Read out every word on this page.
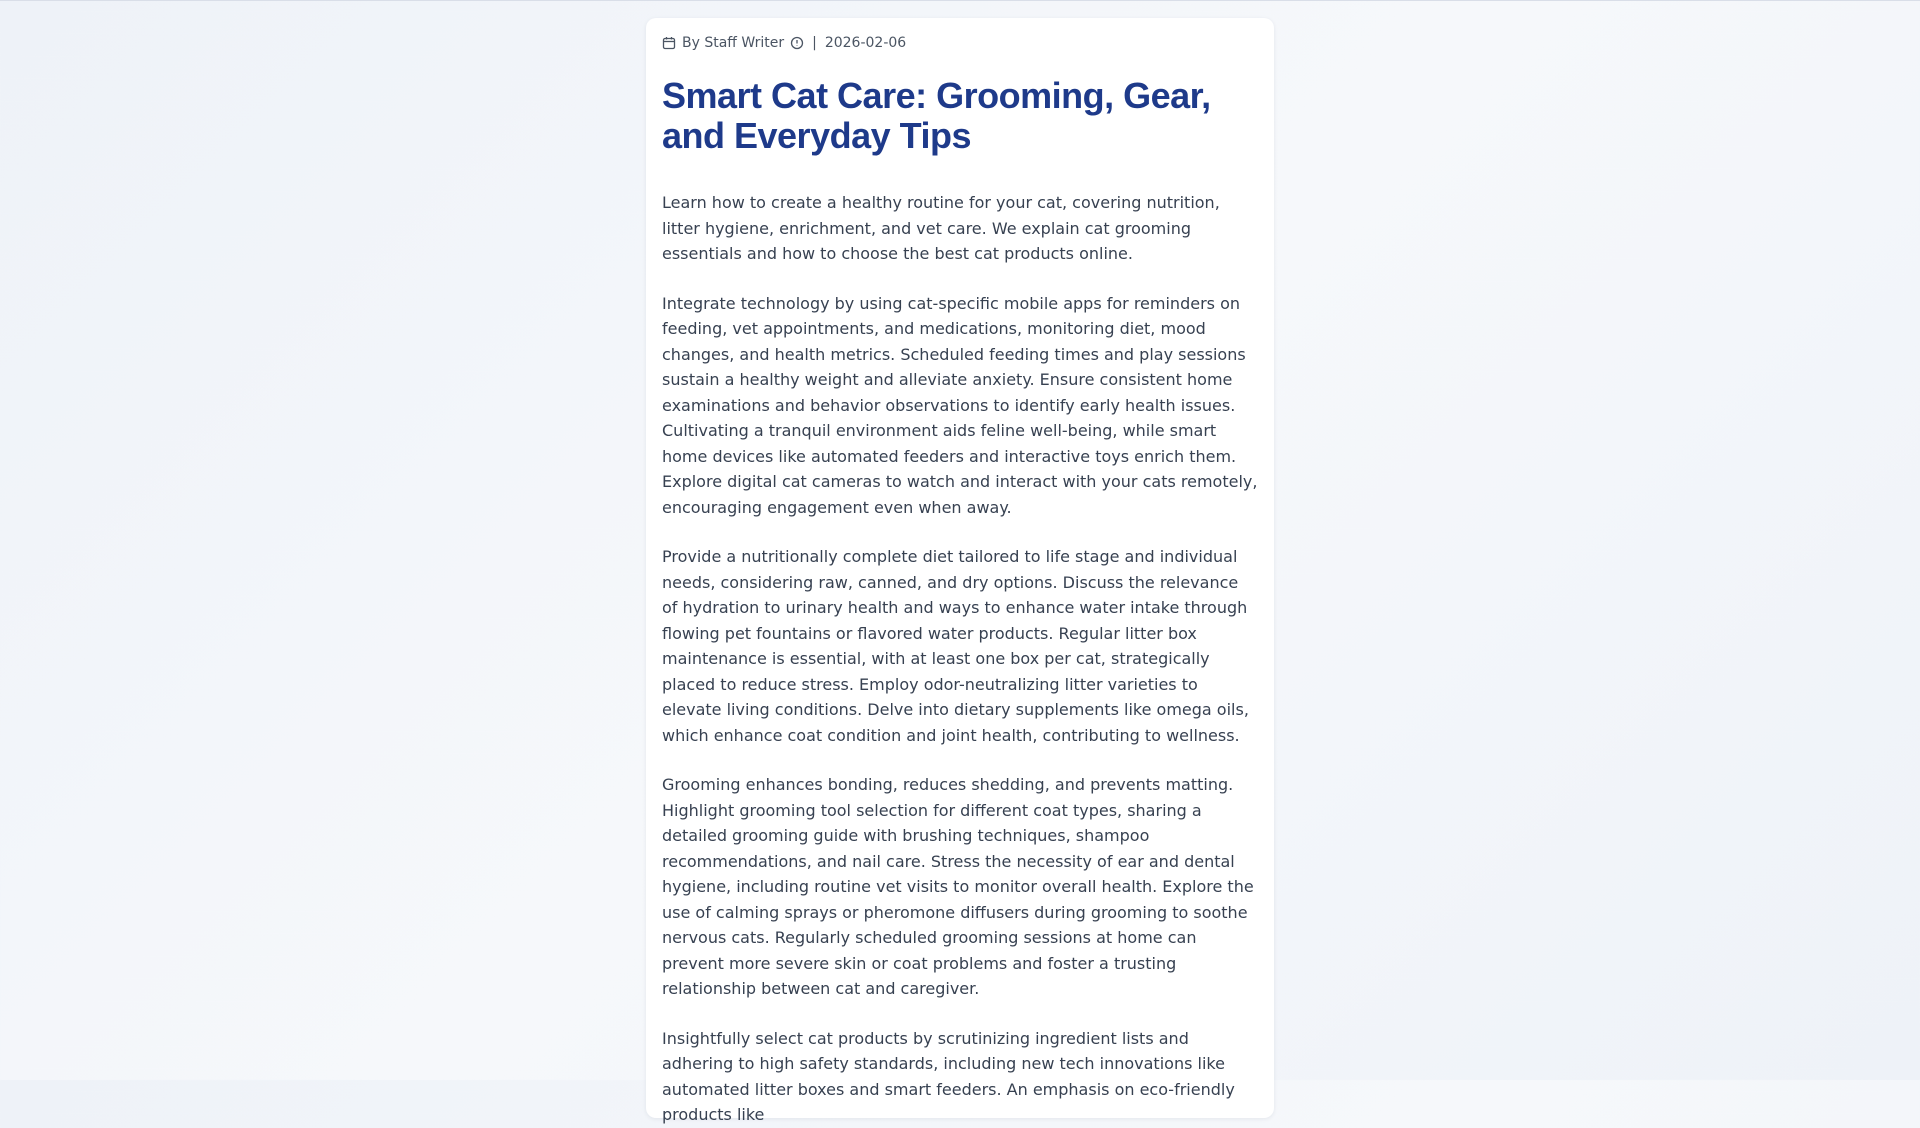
By Staff Writer | 2026-02-06
Smart Cat Care: Grooming, Gear, and Everyday Tips

Learn how to create a healthy routine for your cat, covering nutrition, litter hygiene, enrichment, and vet care. We explain cat grooming essentials and how to choose the best cat products online.

Integrate technology by using cat-specific mobile apps for reminders on feeding, vet appointments, and medications, monitoring diet, mood changes, and health metrics. Scheduled feeding times and play sessions sustain a healthy weight and alleviate anxiety. Ensure consistent home examinations and behavior observations to identify early health issues. Cultivating a tranquil environment aids feline well-being, while smart home devices like automated feeders and interactive toys enrich them. Explore digital cat cameras to watch and interact with your cats remotely, encouraging engagement even when away.

Provide a nutritionally complete diet tailored to life stage and individual needs, considering raw, canned, and dry options. Discuss the relevance of hydration to urinary health and ways to enhance water intake through flowing pet fountains or flavored water products. Regular litter box maintenance is essential, with at least one box per cat, strategically placed to reduce stress. Employ odor-neutralizing litter varieties to elevate living conditions. Delve into dietary supplements like omega oils, which enhance coat condition and joint health, contributing to wellness.

Grooming enhances bonding, reduces shedding, and prevents matting. Highlight grooming tool selection for different coat types, sharing a detailed grooming guide with brushing techniques, shampoo recommendations, and nail care. Stress the necessity of ear and dental hygiene, including routine vet visits to monitor overall health. Explore the use of calming sprays or pheromone diffusers during grooming to soothe nervous cats. Regularly scheduled grooming sessions at home can prevent more severe skin or coat problems and foster a trusting relationship between cat and caregiver.

Insightfully select cat products by scrutinizing ingredient lists and adhering to high safety standards, including new tech innovations like automated litter boxes and smart feeders. An emphasis on eco-friendly products like
